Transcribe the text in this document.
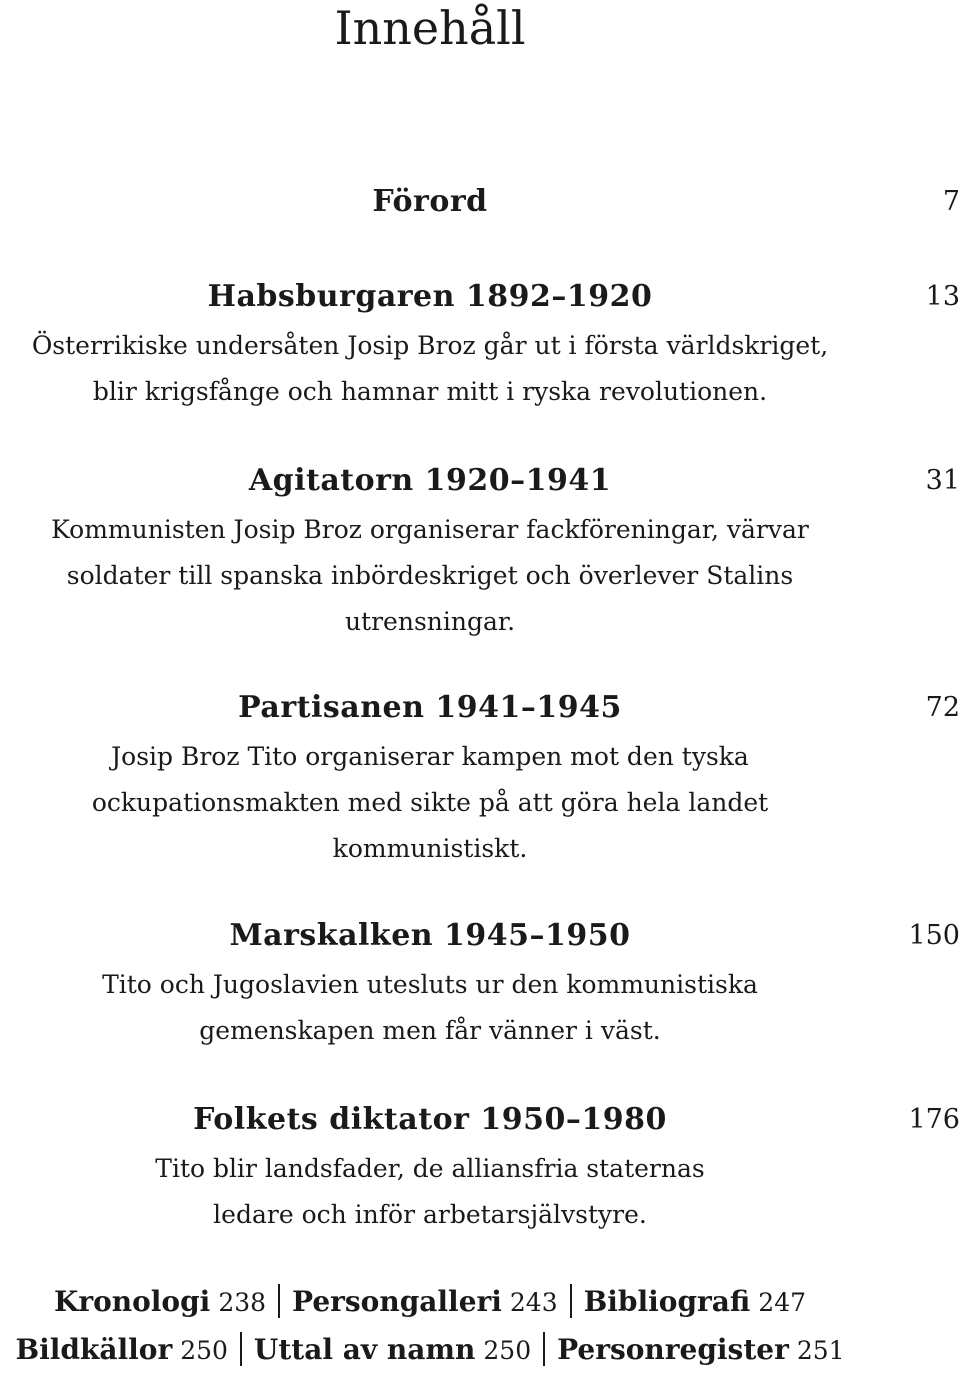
Innehåll
Förord	7
Habsburgaren 1892–1920	13
Österrikiske undersåten Josip Broz går ut i första världskriget,
blir krigsfånge och hamnar mitt i ryska revolutionen.
Agitatorn 1920–1941	31
Kommunisten Josip Broz organiserar fackföreningar, värvar
soldater till spanska inbördeskriget och överlever Stalins
utrensningar.
Partisanen 1941–1945	72
Josip Broz Tito organiserar kampen mot den tyska
ockupationsmakten med sikte på att göra hela landet
kommunistiskt.
Marskalken 1945–1950	150
Tito och Jugoslavien utesluts ur den kommunistiska
gemenskapen men får vänner i väst.
Folkets diktator 1950–1980	176
Tito blir landsfader, de alliansfria staternas
ledare och inför arbetarsjälvstyre.
Kronologi 238 Persongalleri 243 Bibliografi 247
Bildkällor 250 Uttal av namn 250 Personregister 251
